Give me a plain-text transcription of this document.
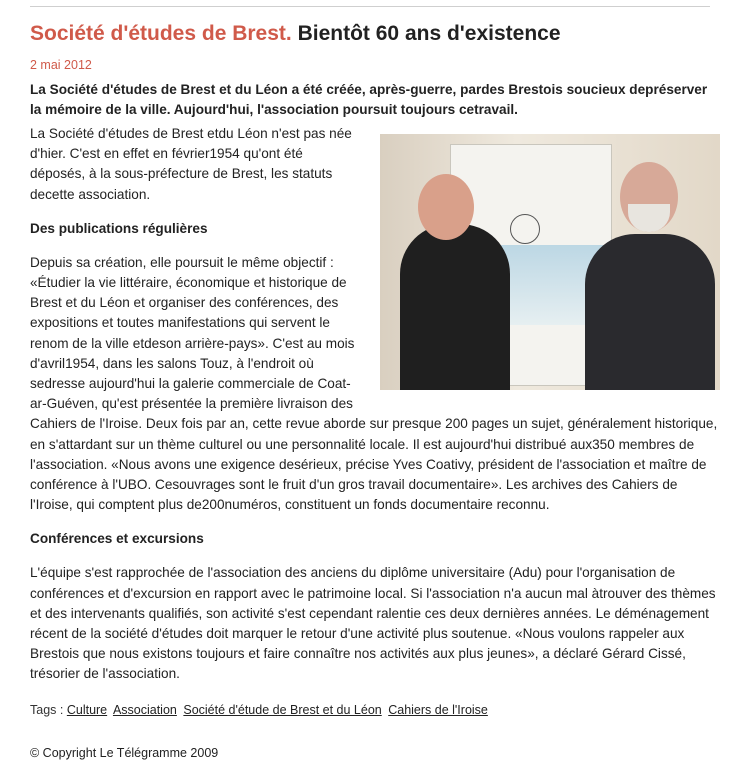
Société d'études de Brest. Bientôt 60 ans d'existence
2 mai 2012

La Société d'études de Brest et du Léon a été créée, après-guerre, pardes Brestois soucieux depréserver la mémoire de la ville. Aujourd'hui, l'association poursuit toujours cetravail.

La Société d'études de Brest etdu Léon n'est pas née d'hier. C'est en effet en février1954 qu'ont été déposés, à la sous-préfecture de Brest, les statuts decette association.

Des publications régulières

Depuis sa création, elle poursuit le même objectif : «Étudier la vie littéraire, économique et historique de Brest et du Léon et organiser des conférences, des expositions et toutes manifestations qui servent le renom de la ville etdeson arrière-pays». C'est au mois d'avril1954, dans les salons Touz, à l'endroit où sedresse aujourd'hui la galerie commerciale de Coat-ar-Guéven, qu'est présentée la première livraison des Cahiers de l'Iroise. Deux fois par an, cette revue aborde sur presque 200 pages un sujet, généralement historique, en s'attardant sur un thème culturel ou une personnalité locale. Il est aujourd'hui distribué aux350 membres de l'association. «Nous avons une exigence desérieux, précise Yves Coativy, président de l'association et maître de conférence à l'UBO. Cesouvrages sont le fruit d'un gros travail documentaire». Les archives des Cahiers de l'Iroise, qui comptent plus de200numéros, constituent un fonds documentaire reconnu.

Conférences et excursions

L'équipe s'est rapprochée de l'association des anciens du diplôme universitaire (Adu) pour l'organisation de conférences et d'excursion en rapport avec le patrimoine local. Si l'association n'a aucun mal àtrouver des thèmes et des intervenants qualifiés, son activité s'est cependant ralentie ces deux dernières années. Le déménagement récent de la société d'études doit marquer le retour d'une activité plus soutenue. «Nous voulons rappeler aux Brestois que nous existons toujours et faire connaître nos activités aux plus jeunes», a déclaré Gérard Cissé, trésorier de l'association.

Tags : Culture Association Société d'étude de Brest et du Léon Cahiers de l'Iroise
© Copyright Le Télégramme 2009
